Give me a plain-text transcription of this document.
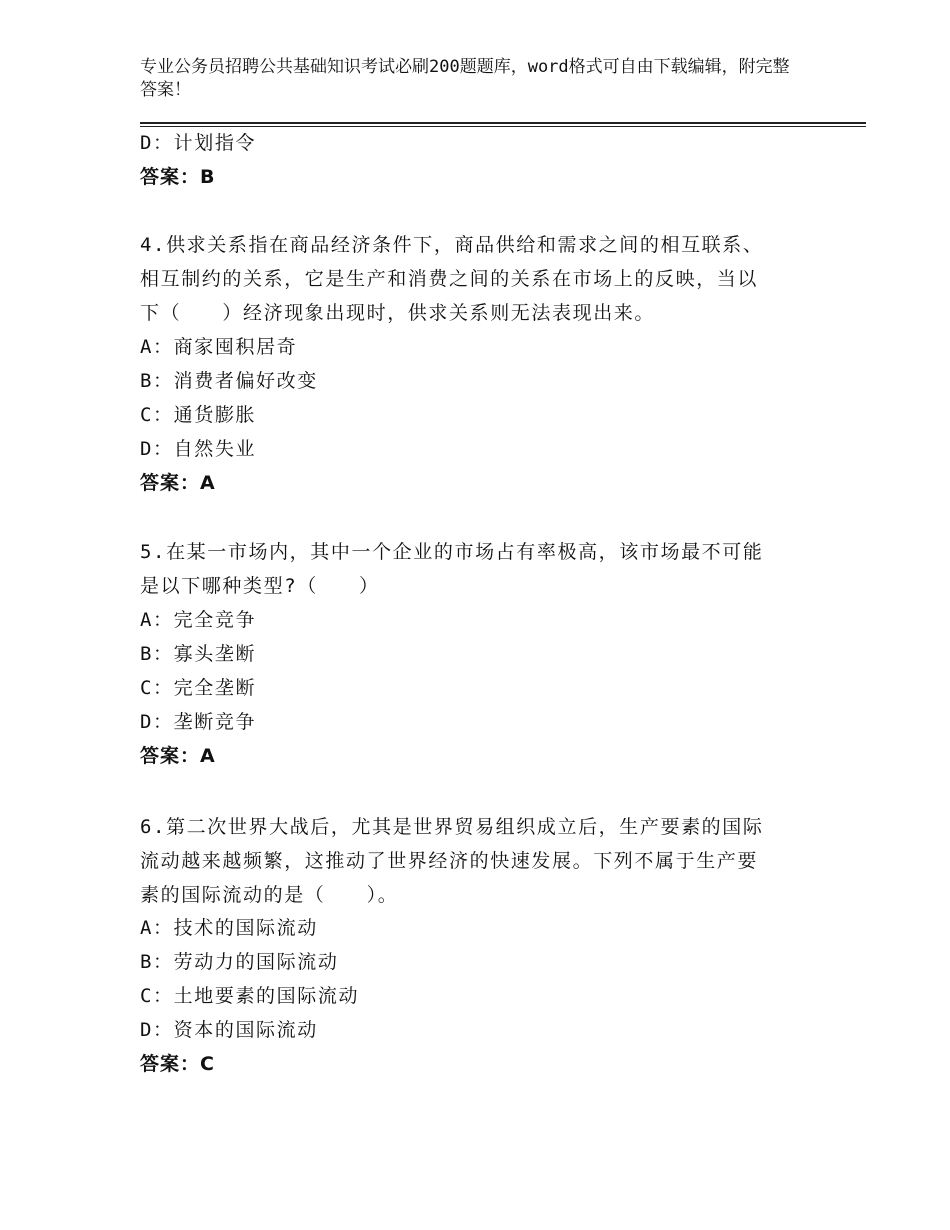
专业公务员招聘公共基础知识考试必刷200题题库，word格式可自由下载编辑，附完整答案！
D：计划指令
答案：B
4.供求关系指在商品经济条件下，商品供给和需求之间的相互联系、
相互制约的关系，它是生产和消费之间的关系在市场上的反映，当以
下（　　）经济现象出现时，供求关系则无法表现出来。
A：商家囤积居奇
B：消费者偏好改变
C：通货膨胀
D：自然失业
答案：A
5.在某一市场内，其中一个企业的市场占有率极高，该市场最不可能
是以下哪种类型?（　　）
A：完全竞争
B：寡头垄断
C：完全垄断
D：垄断竞争
答案：A
6.第二次世界大战后，尤其是世界贸易组织成立后，生产要素的国际
流动越来越频繁，这推动了世界经济的快速发展。下列不属于生产要
素的国际流动的是（　　）。
A：技术的国际流动
B：劳动力的国际流动
C：土地要素的国际流动
D：资本的国际流动
答案：C
